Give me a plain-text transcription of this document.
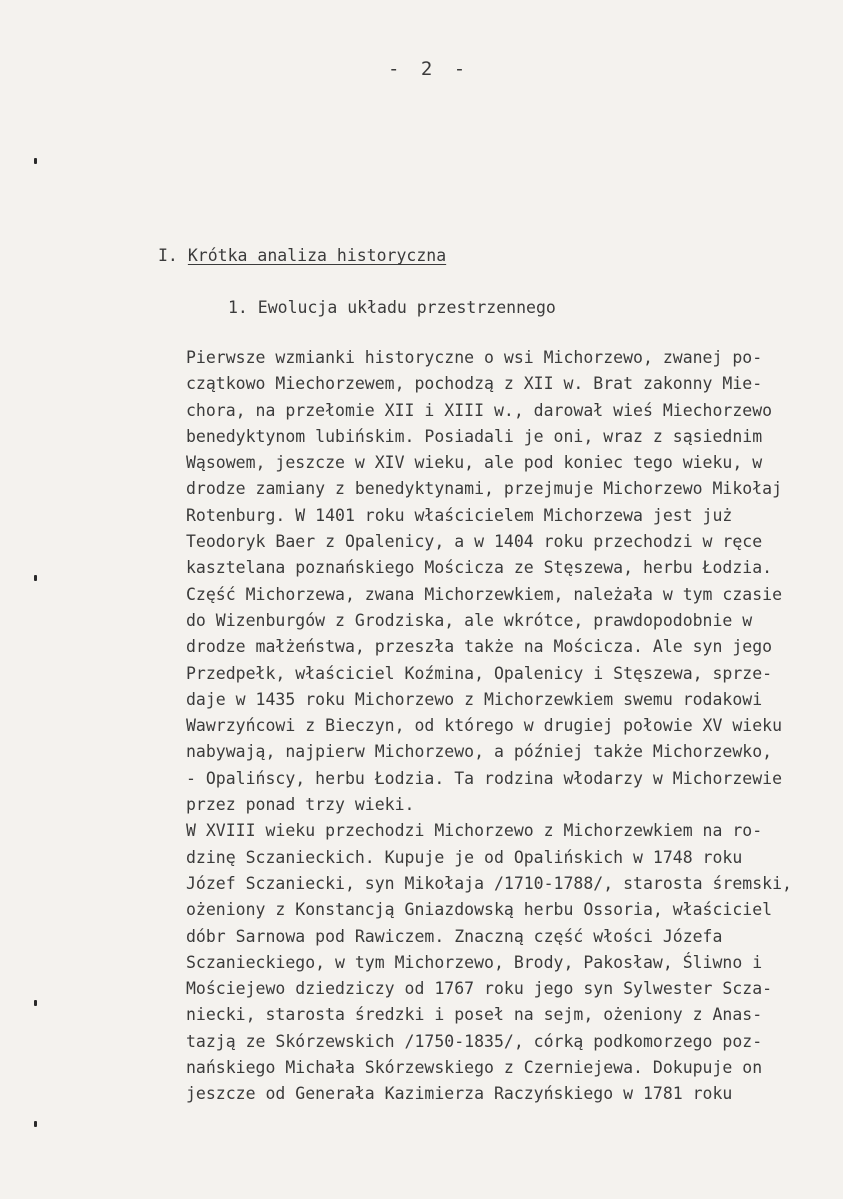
- 2 -
I. Krótka analiza historyczna
1. Ewolucja układu przestrzennego
Pierwsze wzmianki historyczne o wsi Michorzewo, zwanej po-
czątkowo Miechorzewem, pochodzą z XII w. Brat zakonny Mie-
chora, na przełomie XII i XIII w., darował wieś Miechorzewo
benedyktynom lubińskim. Posiadali je oni, wraz z sąsiednim
Wąsowem, jeszcze w XIV wieku, ale pod koniec tego wieku, w
drodze zamiany z benedyktynami, przejmuje Michorzewo Mikołaj
Rotenburg. W 1401 roku właścicielem Michorzewa jest już
Teodoryk Baer z Opalenicy, a w 1404 roku przechodzi w ręce
kasztelana poznańskiego Mościcza ze Stęszewa, herbu Łodzia.
Część Michorzewa, zwana Michorzewkiem, należała w tym czasie
do Wizenburgów z Grodziska, ale wkrótce, prawdopodobnie w
drodze małżeństwa, przeszła także na Mościcza. Ale syn jego
Przedpełk, właściciel Koźmina, Opalenicy i Stęszewa, sprze-
daje w 1435 roku Michorzewo z Michorzewkiem swemu rodakowi
Wawrzyńcowi z Bieczyn, od którego w drugiej połowie XV wieku
nabywają, najpierw Michorzewo, a później także Michorzewko,
- Opalińscy, herbu Łodzia. Ta rodzina włodarzy w Michorzewie
przez ponad trzy wieki.
W XVIII wieku przechodzi Michorzewo z Michorzewkiem na ro-
dzinę Sczanieckich. Kupuje je od Opalińskich w 1748 roku
Józef Sczaniecki, syn Mikołaja /1710-1788/, starosta śremski,
ożeniony z Konstancją Gniazdowską herbu Ossoria, właściciel
dóbr Sarnowa pod Rawiczem. Znaczną część włości Józefa
Sczanieckiego, w tym Michorzewo, Brody, Pakosław, Śliwno i
Mościejewo dziedziczy od 1767 roku jego syn Sylwester Scza-
niecki, starosta średzki i poseł na sejm, ożeniony z Anas-
tazją ze Skórzewskich /1750-1835/, córką podkomorzego poz-
nańskiego Michała Skórzewskiego z Czerniejewa. Dokupuje on
jeszcze od Generała Kazimierza Raczyńskiego w 1781 roku
